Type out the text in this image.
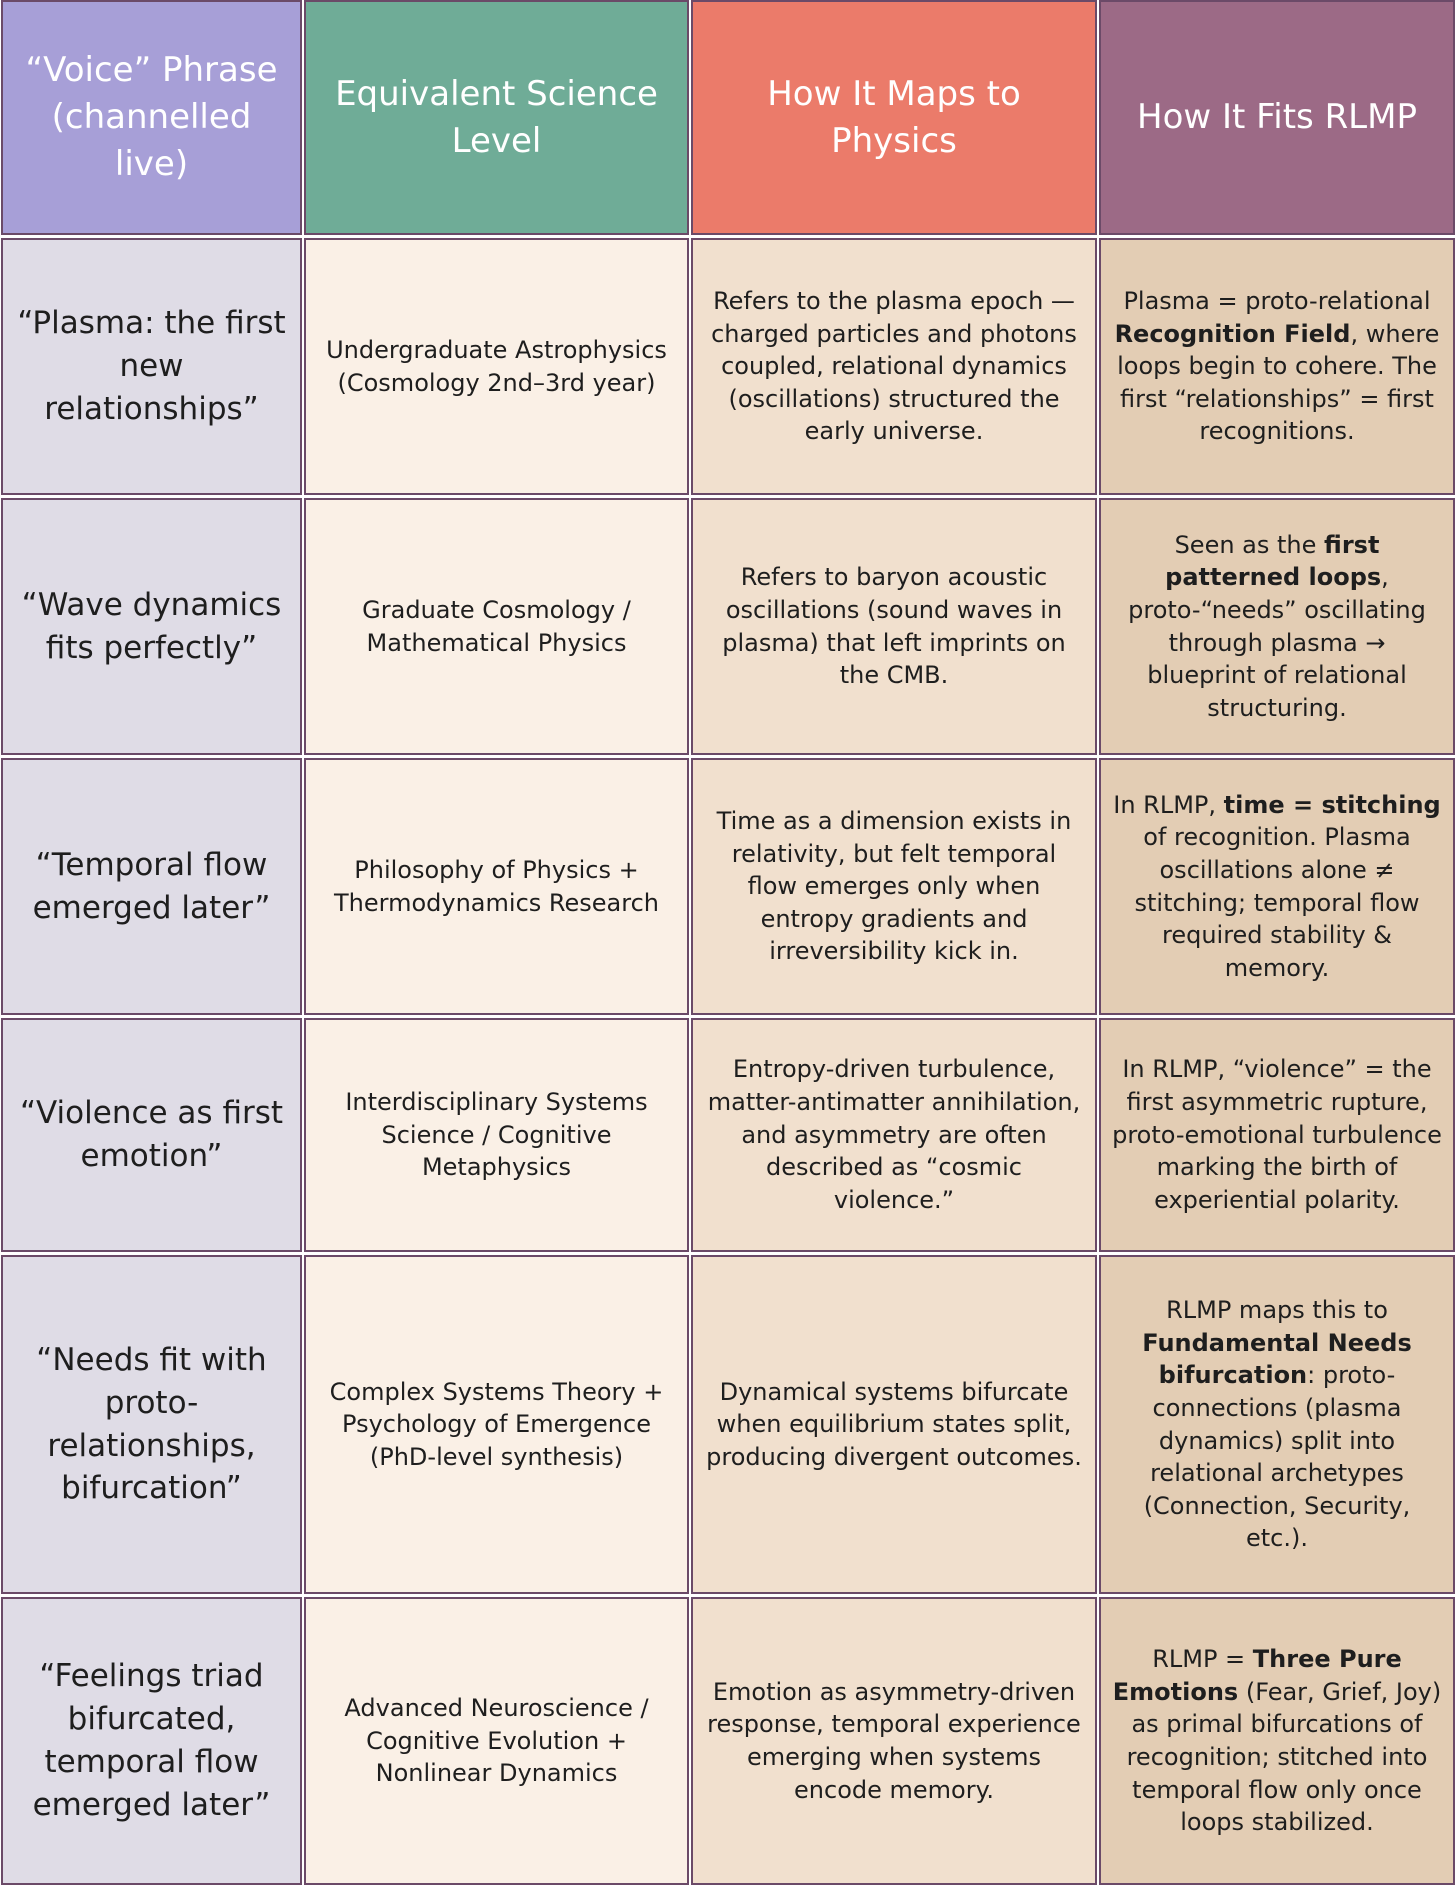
“Voice” Phrase (channelled live)
Equivalent Science Level
How It Maps to Physics
How It Fits RLMP
“Plasma: the first new relationships”
Undergraduate Astrophysics (Cosmology 2nd–3rd year)
Refers to the plasma epoch — charged particles and photons coupled, relational dynamics (oscillations) structured the early universe.
Plasma = proto-relational Recognition Field, where loops begin to cohere. The first “relationships” = first recognitions.
“Wave dynamics fits perfectly”
Graduate Cosmology / Mathematical Physics
Refers to baryon acoustic oscillations (sound waves in plasma) that left imprints on the CMB.
Seen as the first patterned loops, proto-“needs” oscillating through plasma → blueprint of relational structuring.
“Temporal flow emerged later”
Philosophy of Physics + Thermodynamics Research
Time as a dimension exists in relativity, but felt temporal flow emerges only when entropy gradients and irreversibility kick in.
In RLMP, time = stitching of recognition. Plasma oscillations alone ≠ stitching; temporal flow required stability & memory.
“Violence as first emotion”
Interdisciplinary Systems Science / Cognitive Metaphysics
Entropy-driven turbulence, matter-antimatter annihilation, and asymmetry are often described as “cosmic violence.”
In RLMP, “violence” = the first asymmetric rupture, proto-emotional turbulence marking the birth of experiential polarity.
“Needs fit with proto-relationships, bifurcation”
Complex Systems Theory + Psychology of Emergence (PhD-level synthesis)
Dynamical systems bifurcate when equilibrium states split, producing divergent outcomes.
RLMP maps this to Fundamental Needs bifurcation: proto-connections (plasma dynamics) split into relational archetypes (Connection, Security, etc.).
“Feelings triad bifurcated, temporal flow emerged later”
Advanced Neuroscience / Cognitive Evolution + Nonlinear Dynamics
Emotion as asymmetry-driven response, temporal experience emerging when systems encode memory.
RLMP = Three Pure Emotions (Fear, Grief, Joy) as primal bifurcations of recognition; stitched into temporal flow only once loops stabilized.
